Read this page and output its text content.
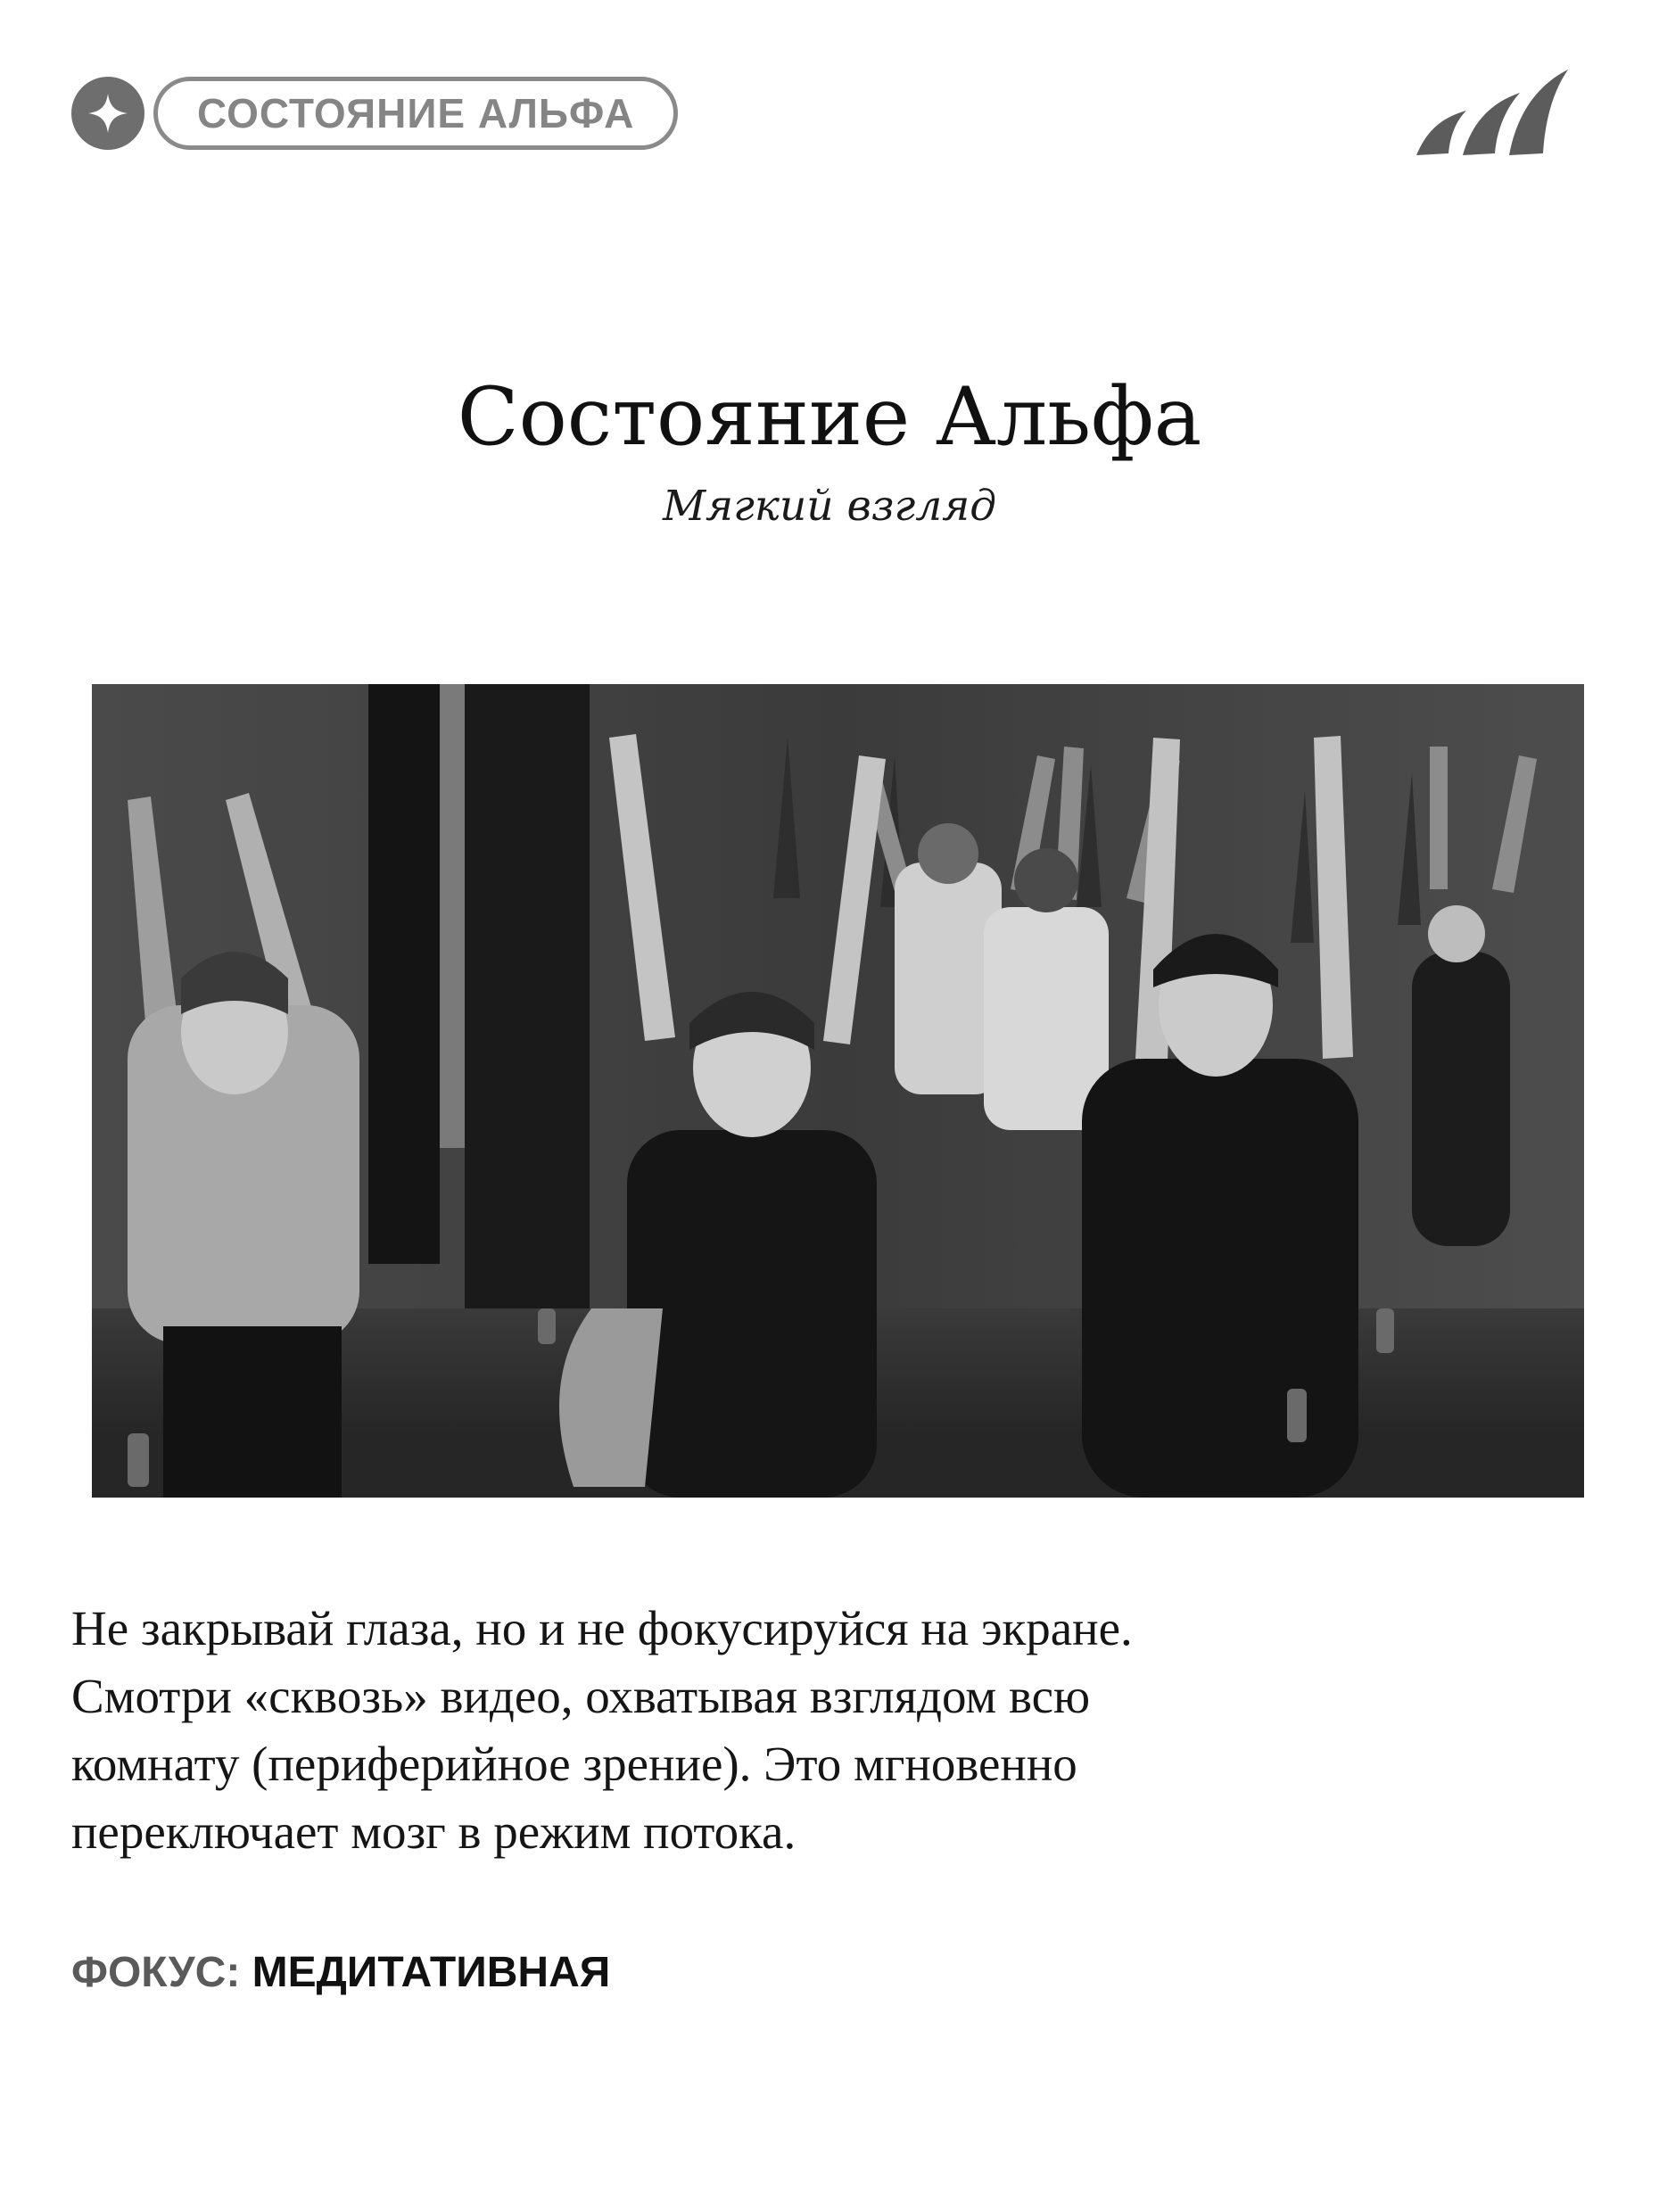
СОСТОЯНИЕ АЛЬФА
Состояние Альфа
Мягкий взгляд

Не закрывай глаза, но и не фокусируйся на экране.

Смотри «сквозь» видео, охватывая взглядом всю

комнату (периферийное зрение). Это мгновенно

переключает мозг в режим потока.

ФОКУС: МЕДИТАТИВНАЯ
